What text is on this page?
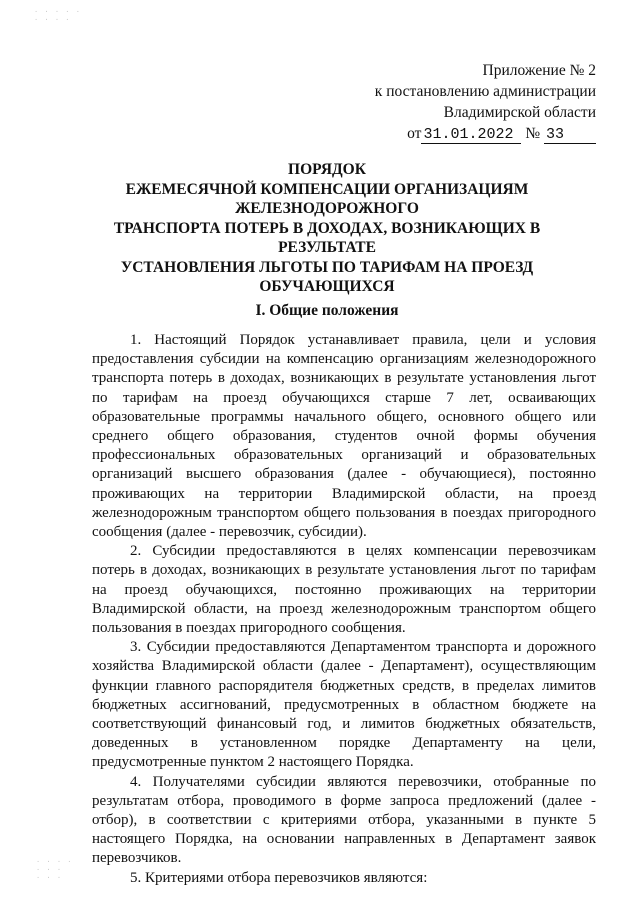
· · · · ·
· · · ·
· · · ·
· · ·
· · ·
Приложение № 2
к постановлению администрации
Владимирской области
от 31.01.2022 № 33
ПОРЯДОК
ЕЖЕМЕСЯЧНОЙ КОМПЕНСАЦИИ ОРГАНИЗАЦИЯМ
ЖЕЛЕЗНОДОРОЖНОГО
ТРАНСПОРТА ПОТЕРЬ В ДОХОДАХ, ВОЗНИКАЮЩИХ В
РЕЗУЛЬТАТЕ
УСТАНОВЛЕНИЯ ЛЬГОТЫ ПО ТАРИФАМ НА ПРОЕЗД
ОБУЧАЮЩИХСЯ
I. Общие положения

1. Настоящий Порядок устанавливает правила, цели и условия предоставления субсидии на компенсацию организациям железнодорожного транспорта потерь в доходах, возникающих в результате установления льгот по тарифам на проезд обучающихся старше 7 лет, осваивающих образовательные программы начального общего, основного общего или среднего общего образования, студентов очной формы обучения профессиональных образовательных организаций и образовательных организаций высшего образования (далее - обучающиеся), постоянно проживающих на территории Владимирской области, на проезд железнодорожным транспортом общего пользования в поездах пригородного сообщения (далее - перевозчик, субсидии).

2. Субсидии предоставляются в целях компенсации перевозчикам потерь в доходах, возникающих в результате установления льгот по тарифам на проезд обучающихся, постоянно проживающих на территории Владимирской области, на проезд железнодорожным транспортом общего пользования в поездах пригородного сообщения.

3. Субсидии предоставляются Департаментом транспорта и дорожного хозяйства Владимирской области (далее - Департамент), осуществляющим функции главного распорядителя бюджетных средств, в пределах лимитов бюджетных ассигнований, предусмотренных в областном бюджете на соответствующий финансовый год, и лимитов бюджетных обязательств, доведенных в установленном порядке Департаменту на цели, предусмотренные пунктом 2 настоящего Порядка.

4. Получателями субсидии являются перевозчики, отобранные по результатам отбора, проводимого в форме запроса предложений (далее - отбор), в соответствии с критериями отбора, указанными в пункте 5 настоящего Порядка, на основании направленных в Департамент заявок перевозчиков.

5. Критериями отбора перевозчиков являются:
